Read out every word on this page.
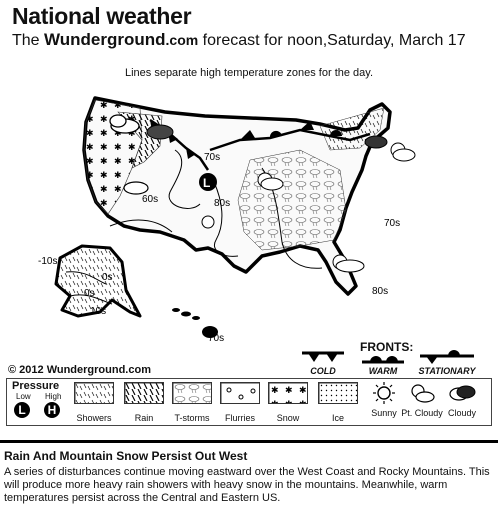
National weather
The Wunderground.com forecast for noon,Saturday, March 17
Lines separate high temperature zones for the day.
L
70s
80s
60s
70s
80s
-10s
0s
0s
10s
70s
© 2012 Wunderground.com
FRONTS:
COLD	WARM	STATIONARY
Pressure
Low High
L	H
Showers	Rain	T-storms	Flurries	Snow	Ice	Sunny Pt. Cloudy Cloudy
Rain And Mountain Snow Persist Out West
A series of disturbances continue moving eastward over the West Coast and Rocky Mountains. This will produce more heavy rain showers with heavy snow in the mountains. Meanwhile, warm temperatures persist across the Central and Eastern US.
